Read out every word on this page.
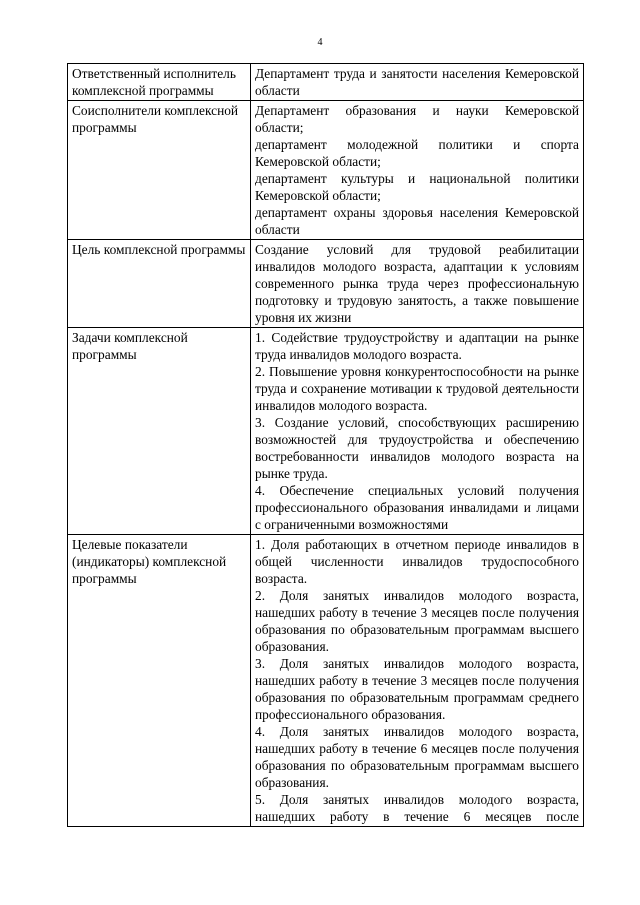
4
Ответственный исполнитель комплексной программы	Департамент труда и занятости населения Кемеровской области

Соисполнители комплексной программы	Департамент образования и науки Кемеровской области;
департамент молодежной политики и спорта Кемеровской области;
департамент культуры и национальной политики Кемеровской области;
департамент охраны здоровья населения Кемеровской области

Цель комплексной программы	Создание условий для трудовой реабилитации инвалидов молодого возраста, адаптации к условиям современного рынка труда через профессиональную подготовку и трудовую занятость, а также повышение уровня их жизни

Задачи комплексной программы	1. Содействие трудоустройству и адаптации на рынке труда инвалидов молодого возраста.
2. Повышение уровня конкурентоспособности на рынке труда и сохранение мотивации к трудовой деятельности инвалидов молодого возраста.
3. Создание условий, способствующих расширению возможностей для трудоустройства и обеспечению востребованности инвалидов молодого возраста на рынке труда.
4. Обеспечение специальных условий получения профессионального образования инвалидами и лицами с ограниченными возможностями

Целевые показатели (индикаторы) комплексной программы	1. Доля работающих в отчетном периоде инвалидов в общей численности инвалидов трудоспособного возраста.
2. Доля занятых инвалидов молодого возраста, нашедших работу в течение 3 месяцев после получения образования по образовательным программам высшего образования.
3. Доля занятых инвалидов молодого возраста, нашедших работу в течение 3 месяцев после получения образования по образовательным программам среднего профессионального образования.
4. Доля занятых инвалидов молодого возраста, нашедших работу в течение 6 месяцев после получения образования по образовательным программам высшего образования.
5. Доля занятых инвалидов молодого возраста, нашедших работу в течение 6 месяцев после
